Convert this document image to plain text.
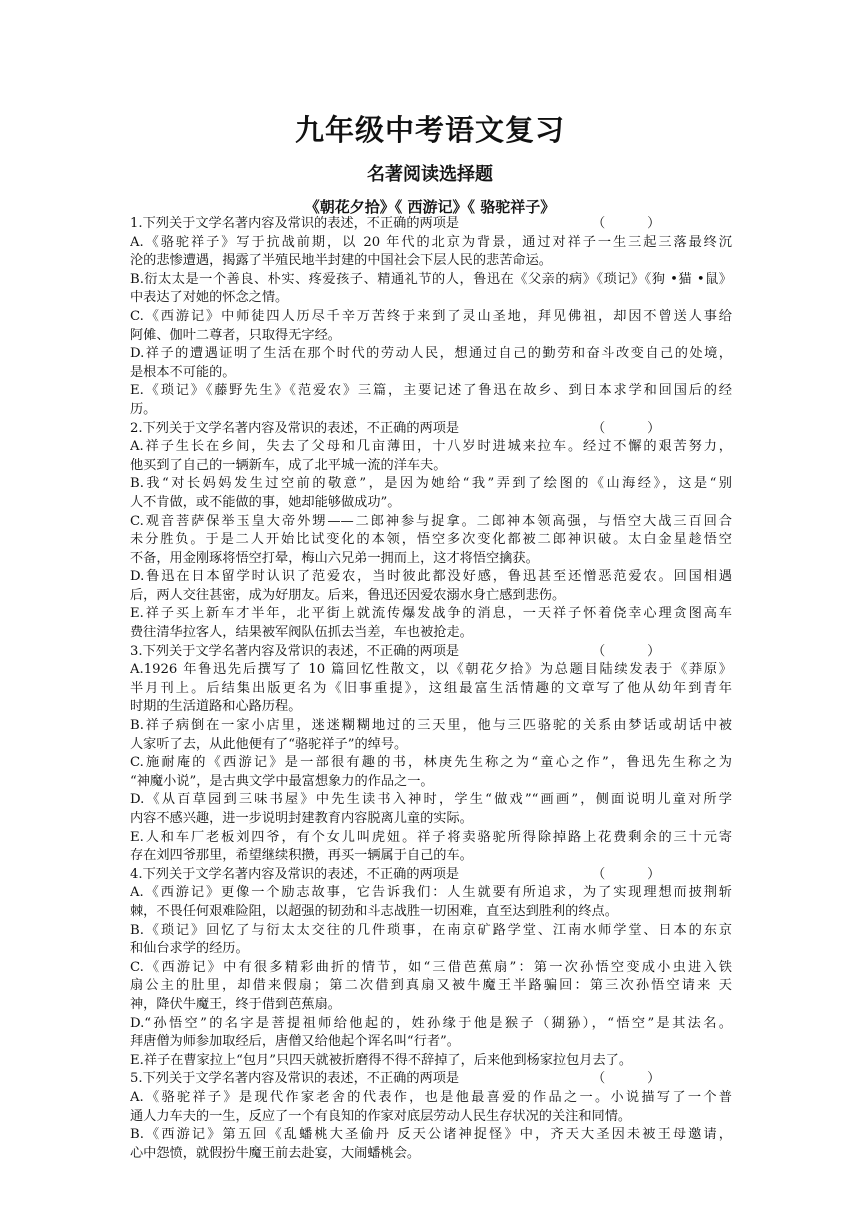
九年级中考语文复习
名著阅读选择题
《朝花夕拾》《 西游记》《 骆驼祥子》
（          ）
1.下列关于文学名著内容及常识的表述，不正确的两项是
A.《骆驼祥子》写于抗战前期，以 20 年代的北京为背景，通过对祥子一生三起三落最终沉
沦的悲惨遭遇，揭露了半殖民地半封建的中国社会下层人民的悲苦命运。
B.衍太太是一个善良、朴实、疼爱孩子、精通礼节的人，鲁迅在《父亲的病》《琐记》《狗 •猫 •鼠》
中表达了对她的怀念之情。
C.《西游记》中师徒四人历尽千辛万苦终于来到了灵山圣地，拜见佛祖，却因不曾送人事给
阿傩、伽叶二尊者，只取得无字经。
D.祥子的遭遇证明了生活在那个时代的劳动人民，想通过自己的勤劳和奋斗改变自己的处境，
是根本不可能的。
E.《琐记》《藤野先生》《范爱农》三篇，主要记述了鲁迅在故乡、到日本求学和回国后的经
历。
（          ）
2.下列关于文学名著内容及常识的表述，不正确的两项是
A.祥子生长在乡间，失去了父母和几亩薄田，十八岁时进城来拉车。经过不懈的艰苦努力，
他买到了自己的一辆新车，成了北平城一流的洋车夫。
B.我“对长妈妈发生过空前的敬意”，是因为她给“我”弄到了绘图的《山海经》，这是“别
人不肯做，或不能做的事，她却能够做成功”。
C.观音菩萨保举玉皇大帝外甥——二郎神参与捉拿。二郎神本领高强，与悟空大战三百回合
未分胜负。于是二人开始比试变化的本领，悟空多次变化都被二郎神识破。太白金星趁悟空
不备，用金刚琢将悟空打晕，梅山六兄弟一拥而上，这才将悟空擒获。
D.鲁迅在日本留学时认识了范爱农，当时彼此都没好感，鲁迅甚至还憎恶范爱农。回国相遇
后，两人交往甚密，成为好朋友。后来，鲁迅还因爱农溺水身亡感到悲伤。
E.祥子买上新车才半年，北平街上就流传爆发战争的消息，一天祥子怀着侥幸心理贪图高车
费往清华拉客人，结果被军阀队伍抓去当差，车也被抢走。
（          ）
3.下列关于文学名著内容及常识的表述，不正确的两项是
A.1926 年鲁迅先后撰写了 10 篇回忆性散文，以《朝花夕拾》为总题目陆续发表于《莽原》
半月刊上。后结集出版更名为《旧事重提》，这组最富生活情趣的文章写了他从幼年到青年
时期的生活道路和心路历程。
B.祥子病倒在一家小店里，迷迷糊糊地过的三天里，他与三匹骆驼的关系由梦话或胡话中被
人家听了去，从此他便有了“骆驼祥子”的绰号。
C.施耐庵的《西游记》是一部很有趣的书，林庚先生称之为“童心之作”，鲁迅先生称之为
“神魔小说”，是古典文学中最富想象力的作品之一。
D.《从百草园到三味书屋》中先生读书入神时，学生“做戏”“画画”，侧面说明儿童对所学
内容不感兴趣，进一步说明封建教育内容脱离儿童的实际。
E.人和车厂老板刘四爷，有个女儿叫虎妞。祥子将卖骆驼所得除掉路上花费剩余的三十元寄
存在刘四爷那里，希望继续积攒，再买一辆属于自己的车。
（          ）
4.下列关于文学名著内容及常识的表述，不正确的两项是
A.《西游记》更像一个励志故事，它告诉我们：人生就要有所追求，为了实现理想而披荆斩
棘，不畏任何艰难险阻，以超强的韧劲和斗志战胜一切困难，直至达到胜利的终点。
B.《琐记》回忆了与衍太太交往的几件琐事，在南京矿路学堂、江南水师学堂、日本的东京
和仙台求学的经历。
C.《西游记》中有很多精彩曲折的情节，如“三借芭蕉扇”：第一次孙悟空变成小虫进入铁
扇公主的肚里，却借来假扇；第二次借到真扇又被牛魔王半路骗回：第三次孙悟空请来 天
神，降伏牛魔王，终于借到芭蕉扇。
D.“孙悟空”的名字是菩提祖师给他起的，姓孙缘于他是猴子（猢狲），“悟空”是其法名。
拜唐僧为师参加取经后，唐僧又给他起个诨名叫“行者”。
E.祥子在曹家拉上“包月”只四天就被折磨得不得不辞掉了，后来他到杨家拉包月去了。
（          ）
5.下列关于文学名著内容及常识的表述，不正确的两项是
A.《骆驼祥子》是现代作家老舍的代表作，也是他最喜爱的作品之一。小说描写了一个普
通人力车夫的一生，反应了一个有良知的作家对底层劳动人民生存状况的关注和同情。
B.《西游记》第五回《乱蟠桃大圣偷丹 反天公诸神捉怪》中，齐天大圣因未被王母邀请，
心中怨愤，就假扮牛魔王前去赴宴，大闹蟠桃会。
